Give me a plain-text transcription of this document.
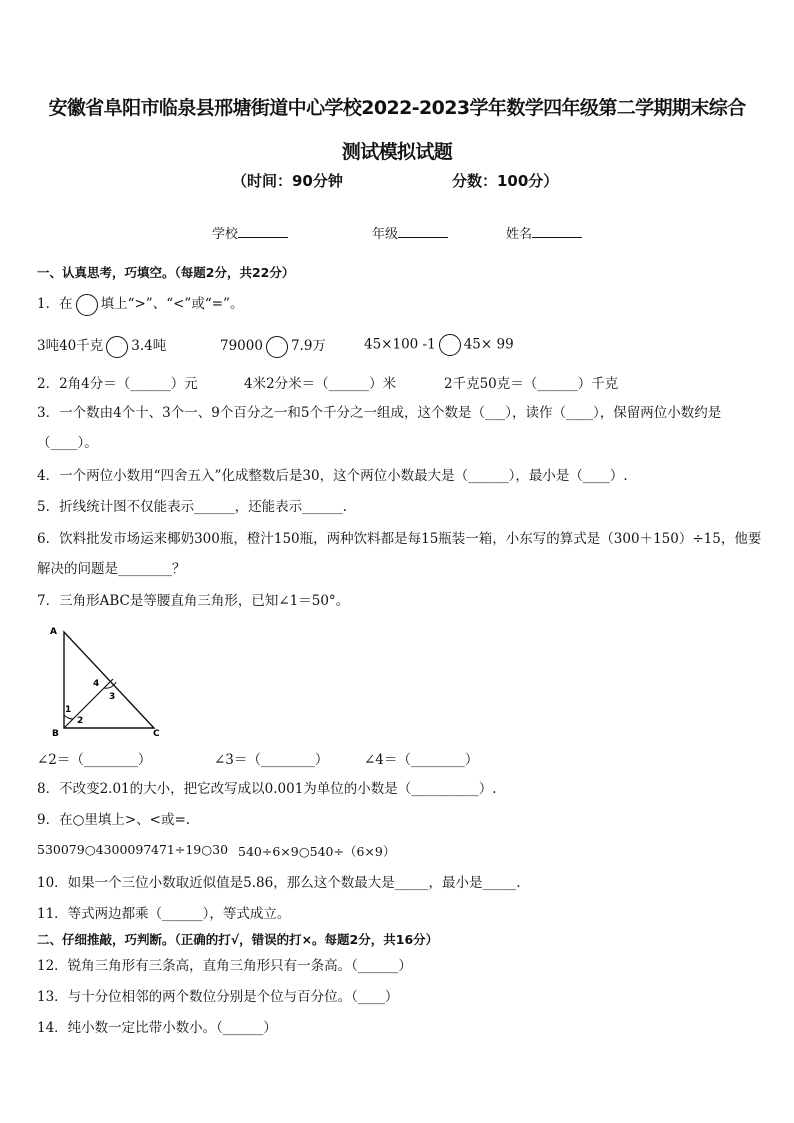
安徽省阜阳市临泉县邢塘街道中心学校2022-2023学年数学四年级第二学期期末综合
测试模拟试题
（时间：90分钟	分数：100分）
学校	年级	姓名
一、认真思考，巧填空。（每题2分，共22分）
1．在 填上“>”、“<”或“=”。
3吨40千克 3.4吨	79000 7.9万	45×100 -1 45× 99
2．2角4分＝（______）元	4米2分米＝（______）米	2千克50克＝（______）千克
3．一个数由4个十、3个一、9个百分之一和5个千分之一组成，这个数是（___），读作（____），保留两位小数约是（____）。
4．一个两位小数用“四舍五入”化成整数后是30，这个两位小数最大是（______），最小是（____）.
5．折线统计图不仅能表示______，还能表示______.
6．饮料批发市场运来椰奶300瓶，橙汁150瓶，两种饮料都是每15瓶装一箱，小东写的算式是（300＋150）÷15，他要解决的问题是________？
7．三角形ABC是等腰直角三角形，已知∠1＝50°。
A
B	C
1
2
3
4
∠2＝（________）	∠3＝（________）	∠4＝（________）
8．不改变2.01的大小，把它改写成以0.001为单位的小数是（__________）.
9．在○里填上>、<或=.
530079○4300097 471÷19○30 540÷6×9○540÷（6×9）
10．如果一个三位小数取近似值是5.86，那么这个数最大是_____，最小是_____.
11．等式两边都乘（______），等式成立。
二、仔细推敲，巧判断。（正确的打√，错误的打×。每题2分，共16分）
12．锐角三角形有三条高，直角三角形只有一条高。（______）
13．与十分位相邻的两个数位分别是个位与百分位。（____）
14．纯小数一定比带小数小。（______）
